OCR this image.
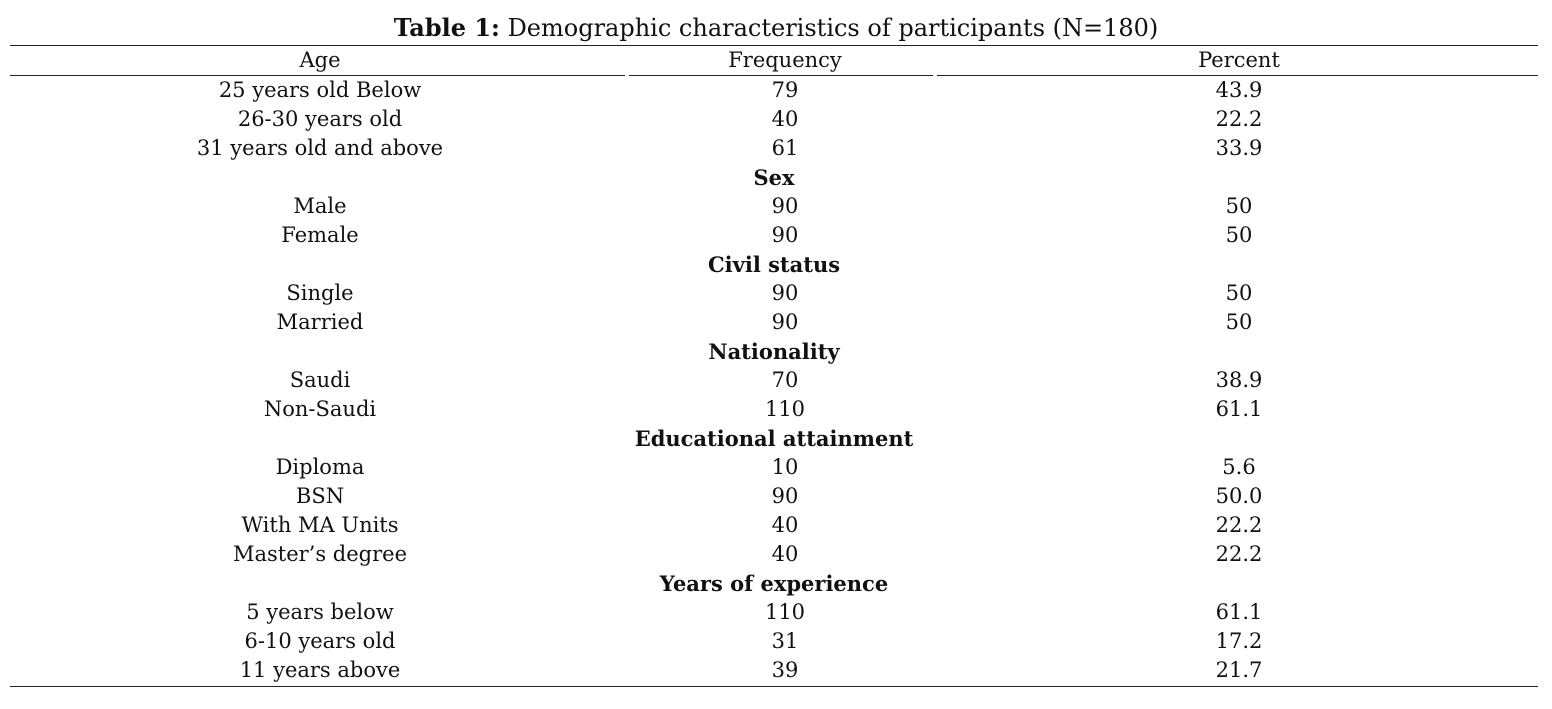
Table 1: Demographic characteristics of participants (N=180)
Age	Frequency	Percent
25 years old Below	79	43.9
26-30 years old	40	22.2
31 years old and above	61	33.9
Sex		
Male	90	50
Female	90	50
Civil status		
Single	90	50
Married	90	50
Nationality		
Saudi	70	38.9
Non-Saudi	110	61.1
Educational attainment		
Diploma	10	5.6
BSN	90	50.0
With MA Units	40	22.2
Master’s degree	40	22.2
Years of experience		
5 years below	110	61.1
6-10 years old	31	17.2
11 years above	39	21.7
